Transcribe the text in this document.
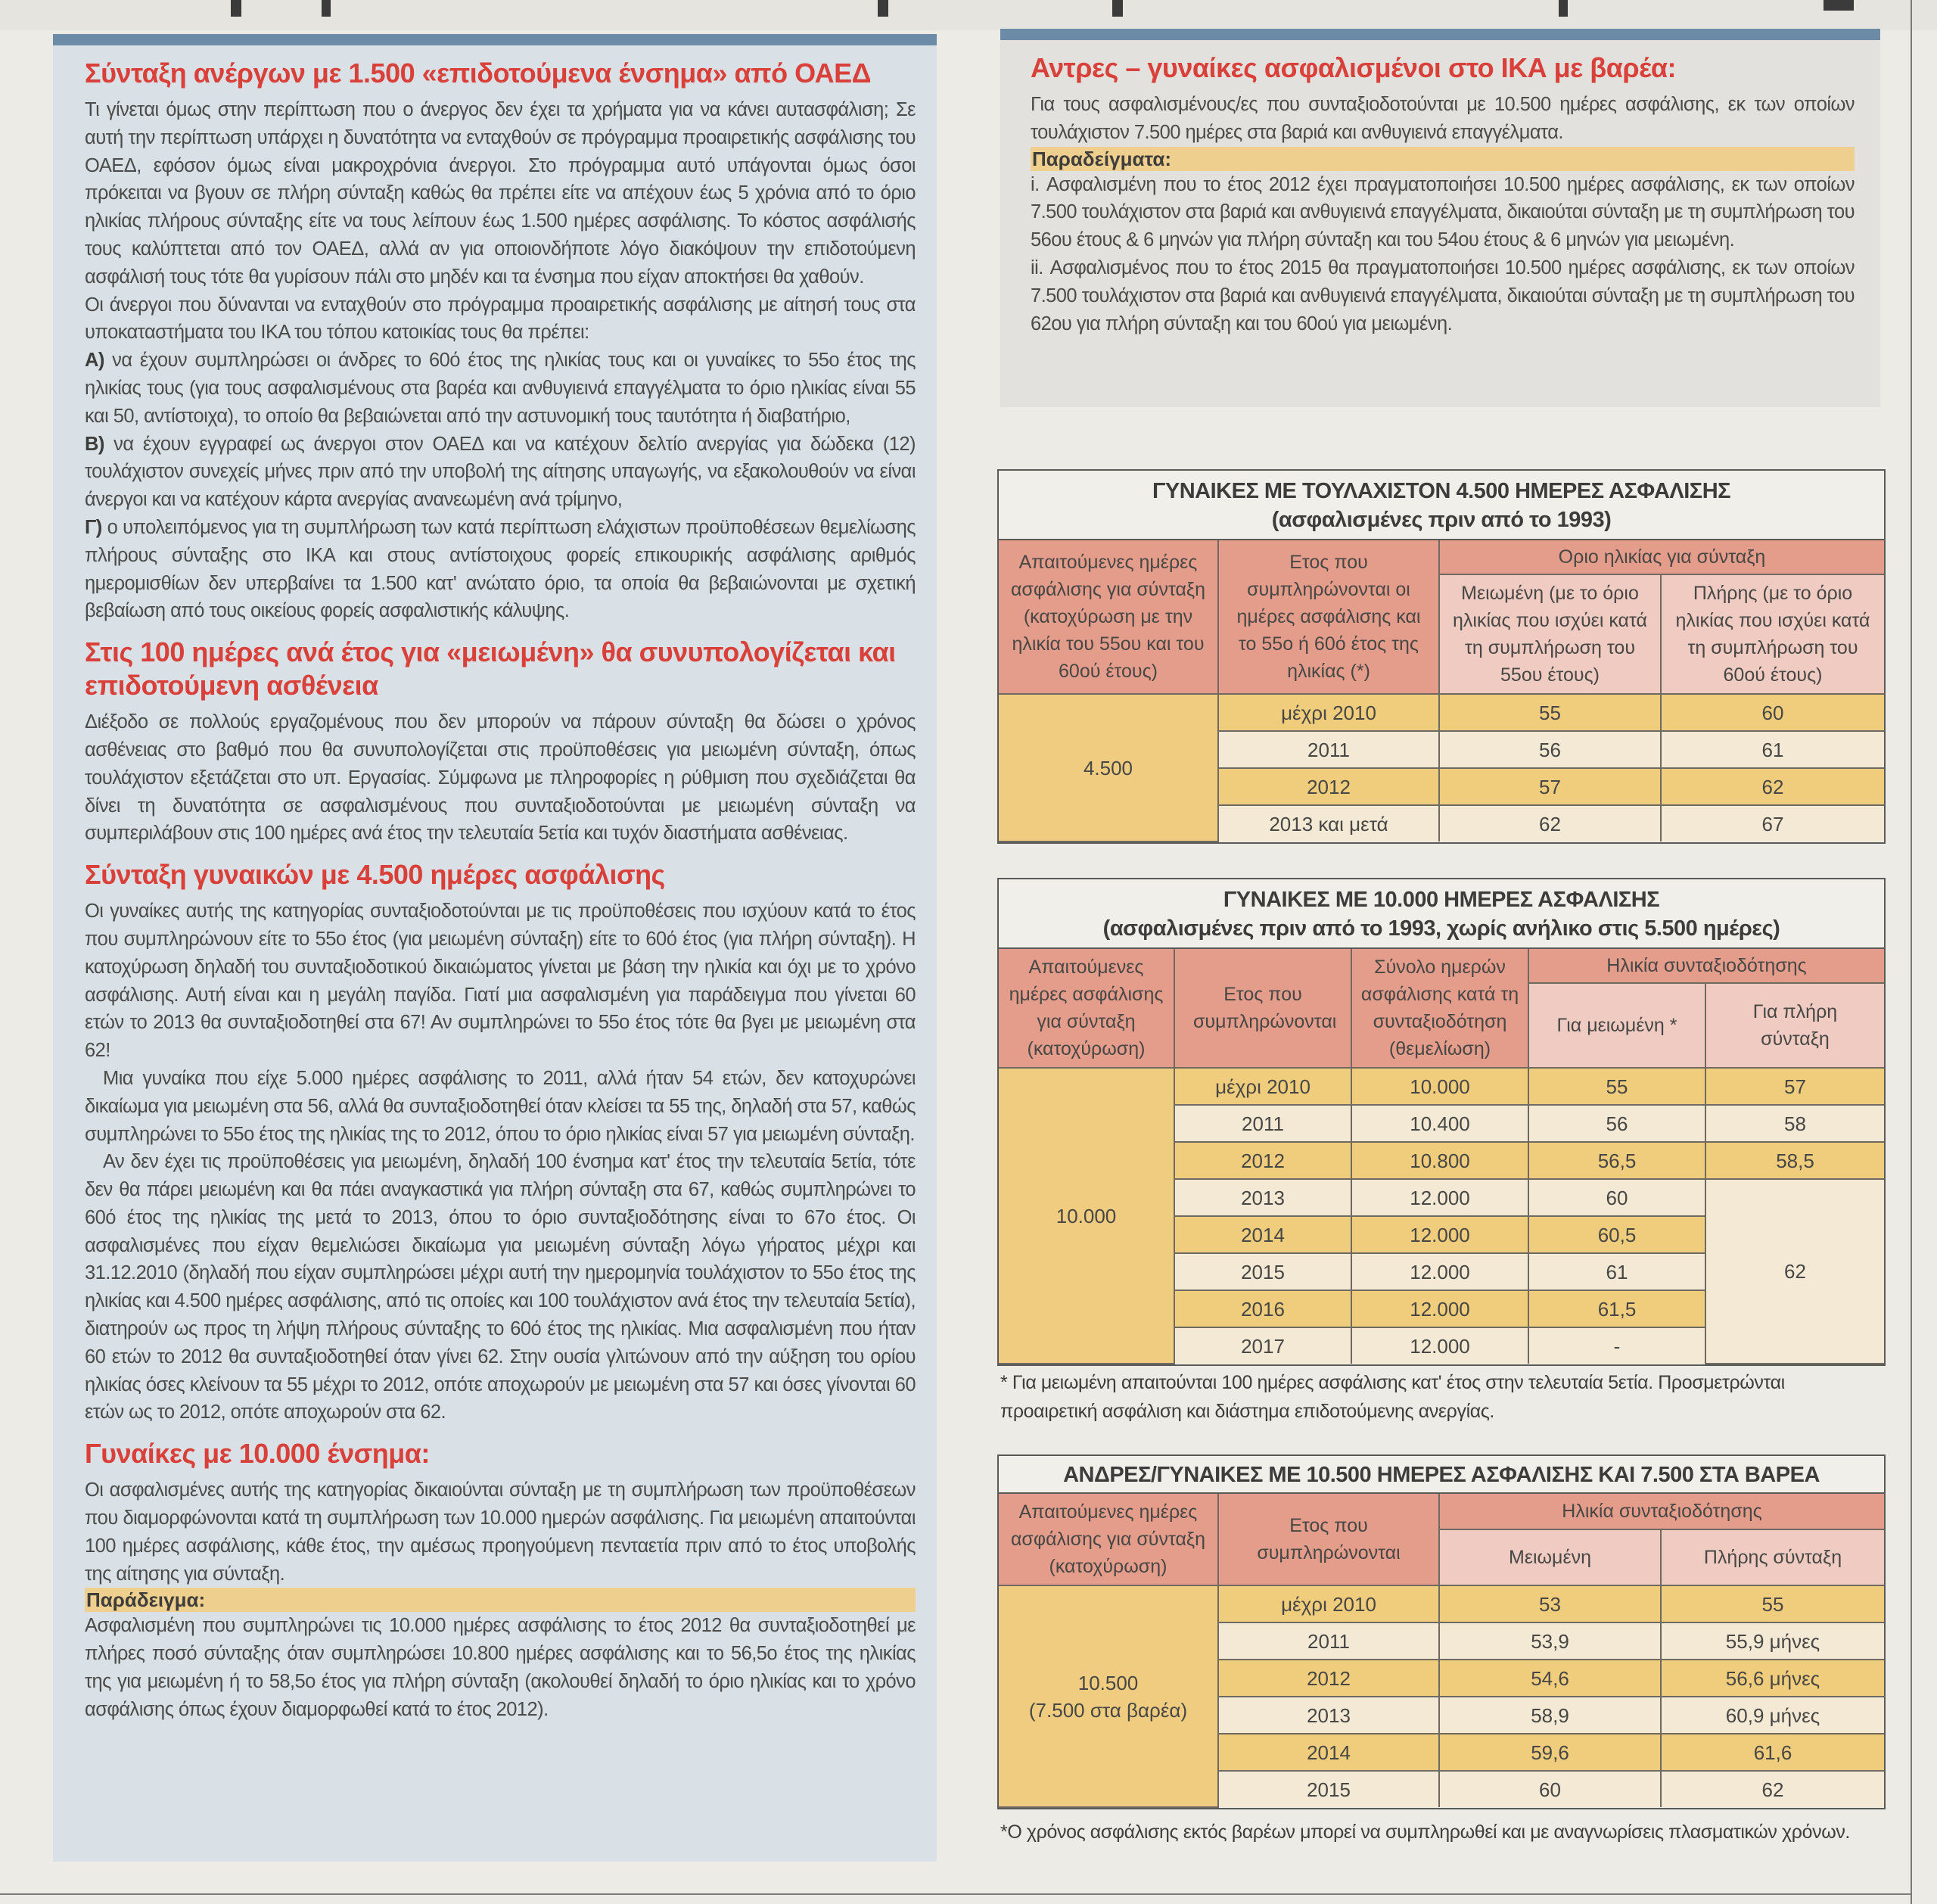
Σύνταξη ανέργων με 1.500 «επιδοτούμενα ένσημα» από ΟΑΕΔ

Τι γίνεται όμως στην περίπτωση που ο άνεργος δεν έχει τα χρήματα για να κάνει αυτασφάλιση; Σε αυτή την περίπτωση υπάρχει η δυνατότητα να ενταχθούν σε πρόγραμμα προαιρετικής ασφάλισης του ΟΑΕΔ, εφόσον όμως είναι μακροχρόνια άνεργοι. Στο πρόγραμμα αυτό υπάγονται όμως όσοι πρόκειται να βγουν σε πλήρη σύνταξη καθώς θα πρέπει είτε να απέχουν έως 5 χρόνια από το όριο ηλικίας πλήρους σύνταξης είτε να τους λείπουν έως 1.500 ημέρες ασφάλισης. Το κόστος ασφάλισής τους καλύπτεται από τον ΟΑΕΔ, αλλά αν για οποιονδήποτε λόγο διακόψουν την επιδοτούμενη ασφάλισή τους τότε θα γυρίσουν πάλι στο μηδέν και τα ένσημα που είχαν αποκτήσει θα χαθούν.

Οι άνεργοι που δύνανται να ενταχθούν στο πρόγραμμα προαιρετικής ασφάλισης με αίτησή τους στα υποκαταστήματα του ΙΚΑ του τόπου κατοικίας τους θα πρέπει:

Α) να έχουν συμπληρώσει οι άνδρες το 60ό έτος της ηλικίας τους και οι γυναίκες το 55ο έτος της ηλικίας τους (για τους ασφαλισμένους στα βαρέα και ανθυγιεινά επαγγέλματα το όριο ηλικίας είναι 55 και 50, αντίστοιχα), το οποίο θα βεβαιώνεται από την αστυνομική τους ταυτότητα ή διαβατήριο,

Β) να έχουν εγγραφεί ως άνεργοι στον ΟΑΕΔ και να κατέχουν δελτίο ανεργίας για δώδεκα (12) τουλάχιστον συνεχείς μήνες πριν από την υποβολή της αίτησης υπαγωγής, να εξακολουθούν να είναι άνεργοι και να κατέχουν κάρτα ανεργίας ανανεωμένη ανά τρίμηνο,

Γ) ο υπολειπόμενος για τη συμπλήρωση των κατά περίπτωση ελάχιστων προϋποθέσεων θεμελίωσης πλήρους σύνταξης στο ΙΚΑ και στους αντίστοιχους φορείς επικουρικής ασφάλισης αριθμός ημερομισθίων δεν υπερβαίνει τα 1.500 κατ' ανώτατο όριο, τα οποία θα βεβαιώνονται με σχετική βεβαίωση από τους οικείους φορείς ασφαλιστικής κάλυψης.

Στις 100 ημέρες ανά έτος για «μειωμένη» θα συνυπολογίζεται και επιδοτούμενη ασθένεια

Διέξοδο σε πολλούς εργαζομένους που δεν μπορούν να πάρουν σύνταξη θα δώσει ο χρόνος ασθένειας στο βαθμό που θα συνυπολογίζεται στις προϋποθέσεις για μειωμένη σύνταξη, όπως τουλάχιστον εξετάζεται στο υπ. Εργασίας. Σύμφωνα με πληροφορίες η ρύθμιση που σχεδιάζεται θα δίνει τη δυνατότητα σε ασφαλισμένους που συνταξιοδοτούνται με μειωμένη σύνταξη να συμπεριλάβουν στις 100 ημέρες ανά έτος την τελευταία 5ετία και τυχόν διαστήματα ασθένειας.

Σύνταξη γυναικών με 4.500 ημέρες ασφάλισης

Οι γυναίκες αυτής της κατηγορίας συνταξιοδοτούνται με τις προϋποθέσεις που ισχύουν κατά το έτος που συμπληρώνουν είτε το 55ο έτος (για μειωμένη σύνταξη) είτε το 60ό έτος (για πλήρη σύνταξη). Η κατοχύρωση δηλαδή του συνταξιοδοτικού δικαιώματος γίνεται με βάση την ηλικία και όχι με το χρόνο ασφάλισης. Αυτή είναι και η μεγάλη παγίδα. Γιατί μια ασφαλισμένη για παράδειγμα που γίνεται 60 ετών το 2013 θα συνταξιοδοτηθεί στα 67! Αν συμπληρώνει το 55ο έτος τότε θα βγει με μειωμένη στα 62!

Μια γυναίκα που είχε 5.000 ημέρες ασφάλισης το 2011, αλλά ήταν 54 ετών, δεν κατοχυρώνει δικαίωμα για μειωμένη στα 56, αλλά θα συνταξιοδοτηθεί όταν κλείσει τα 55 της, δηλαδή στα 57, καθώς συμπληρώνει το 55ο έτος της ηλικίας της το 2012, όπου το όριο ηλικίας είναι 57 για μειωμένη σύνταξη.

Αν δεν έχει τις προϋποθέσεις για μειωμένη, δηλαδή 100 ένσημα κατ' έτος την τελευταία 5ετία, τότε δεν θα πάρει μειωμένη και θα πάει αναγκαστικά για πλήρη σύνταξη στα 67, καθώς συμπληρώνει το 60ό έτος της ηλικίας της μετά το 2013, όπου το όριο συνταξιοδότησης είναι το 67ο έτος. Οι ασφαλισμένες που είχαν θεμελιώσει δικαίωμα για μειωμένη σύνταξη λόγω γήρατος μέχρι και 31.12.2010 (δηλαδή που είχαν συμπληρώσει μέχρι αυτή την ημερομηνία τουλάχιστον το 55ο έτος της ηλικίας και 4.500 ημέρες ασφάλισης, από τις οποίες και 100 τουλάχιστον ανά έτος την τελευταία 5ετία), διατηρούν ως προς τη λήψη πλήρους σύνταξης το 60ό έτος της ηλικίας. Μια ασφαλισμένη που ήταν 60 ετών το 2012 θα συνταξιοδοτηθεί όταν γίνει 62. Στην ουσία γλιτώνουν από την αύξηση του ορίου ηλικίας όσες κλείνουν τα 55 μέχρι το 2012, οπότε αποχωρούν με μειωμένη στα 57 και όσες γίνονται 60 ετών ως το 2012, οπότε αποχωρούν στα 62.

Γυναίκες με 10.000 ένσημα:

Οι ασφαλισμένες αυτής της κατηγορίας δικαιούνται σύνταξη με τη συμπλήρωση των προϋποθέσεων που διαμορφώνονται κατά τη συμπλήρωση των 10.000 ημερών ασφάλισης. Για μειωμένη απαιτούνται 100 ημέρες ασφάλισης, κάθε έτος, την αμέσως προηγούμενη πενταετία πριν από το έτος υποβολής της αίτησης για σύνταξη.

Παράδειγμα:

Ασφαλισμένη που συμπληρώνει τις 10.000 ημέρες ασφάλισης το έτος 2012 θα συνταξιοδοτηθεί με πλήρες ποσό σύνταξης όταν συμπληρώσει 10.800 ημέρες ασφάλισης και το 56,5ο έτος της ηλικίας της για μειωμένη ή το 58,5ο έτος για πλήρη σύνταξη (ακολουθεί δηλαδή το όριο ηλικίας και το χρόνο ασφάλισης όπως έχουν διαμορφωθεί κατά το έτος 2012).

Αντρες – γυναίκες ασφαλισμένοι στο ΙΚΑ με βαρέα:

Για τους ασφαλισμένους/ες που συνταξιοδοτούνται με 10.500 ημέρες ασφάλισης, εκ των οποίων τουλάχιστον 7.500 ημέρες στα βαριά και ανθυγιεινά επαγγέλματα.

Παραδείγματα:

i. Ασφαλισμένη που το έτος 2012 έχει πραγματοποιήσει 10.500 ημέρες ασφάλισης, εκ των οποίων 7.500 τουλάχιστον στα βαριά και ανθυγιεινά επαγγέλματα, δικαιούται σύνταξη με τη συμπλήρωση του 56ου έτους & 6 μηνών για πλήρη σύνταξη και του 54ου έτους & 6 μηνών για μειωμένη.

ii. Ασφαλισμένος που το έτος 2015 θα πραγματοποιήσει 10.500 ημέρες ασφάλισης, εκ των οποίων 7.500 τουλάχιστον στα βαριά και ανθυγιεινά επαγγέλματα, δικαιούται σύνταξη με τη συμπλήρωση του 62ου για πλήρη σύνταξη και του 60ού για μειωμένη.

ΓΥΝΑΙΚΕΣ ΜΕ ΤΟΥΛΑΧΙΣΤΟΝ 4.500 ΗΜΕΡΕΣ ΑΣΦΑΛΙΣΗΣ
(ασφαλισμένες πριν από το 1993)
Απαιτούμενες ημέρες ασφάλισης για σύνταξη (κατοχύρωση με την ηλικία του 55ου και του 60ού έτους)	Ετος που συμπληρώνονται οι ημέρες ασφάλισης και το 55ο ή 60ό έτος της ηλικίας (*)	Οριο ηλικίας για σύνταξη	
		Μειωμένη (με το όριο ηλικίας που ισχύει κατά τη συμπλήρωση του 55ου έτους)	Πλήρης (με το όριο ηλικίας που ισχύει κατά τη συμπλήρωση του 60ού έτους)
4.500	μέχρι 2010	55	60
	2011	56	61
	2012	57	62
	2013 και μετά	62	67
ΓΥΝΑΙΚΕΣ ΜΕ 10.000 ΗΜΕΡΕΣ ΑΣΦΑΛΙΣΗΣ
(ασφαλισμένες πριν από το 1993, χωρίς ανήλικο στις 5.500 ημέρες)
Απαιτούμενες ημέρες ασφάλισης για σύνταξη (κατοχύρωση)	Ετος που συμπληρώνονται	Σύνολο ημερών ασφάλισης κατά τη συνταξιοδότηση (θεμελίωση)	Ηλικία συνταξιοδότησης	
			Για μειωμένη *	Για πλήρη σύνταξη
10.000	μέχρι 2010	10.000	55	57
	2011	10.400	56	58
	2012	10.800	56,5	58,5
	2013	12.000	60	62
	2014	12.000	60,5	
	2015	12.000	61	
	2016	12.000	61,5	
	2017	12.000	-	
* Για μειωμένη απαιτούνται 100 ημέρες ασφάλισης κατ' έτος στην τελευταία 5ετία. Προσμετρώνται προαιρετική ασφάλιση και διάστημα επιδοτούμενης ανεργίας.
ΑΝΔΡΕΣ/ΓΥΝΑΙΚΕΣ ΜΕ 10.500 ΗΜΕΡΕΣ ΑΣΦΑΛΙΣΗΣ ΚΑΙ 7.500 ΣΤΑ ΒΑΡΕΑ
Απαιτούμενες ημέρες ασφάλισης για σύνταξη (κατοχύρωση)	Ετος που συμπληρώνονται	Ηλικία συνταξιοδότησης	
		Μειωμένη	Πλήρης σύνταξη

10.500
(7.500 στα βαρέα)	μέχρι 2010	53	55
	2011	53,9	55,9 μήνες
	2012	54,6	56,6 μήνες
	2013	58,9	60,9 μήνες
	2014	59,6	61,6
	2015	60	62
*Ο χρόνος ασφάλισης εκτός βαρέων μπορεί να συμπληρωθεί και με αναγνωρίσεις πλασματικών χρόνων.
